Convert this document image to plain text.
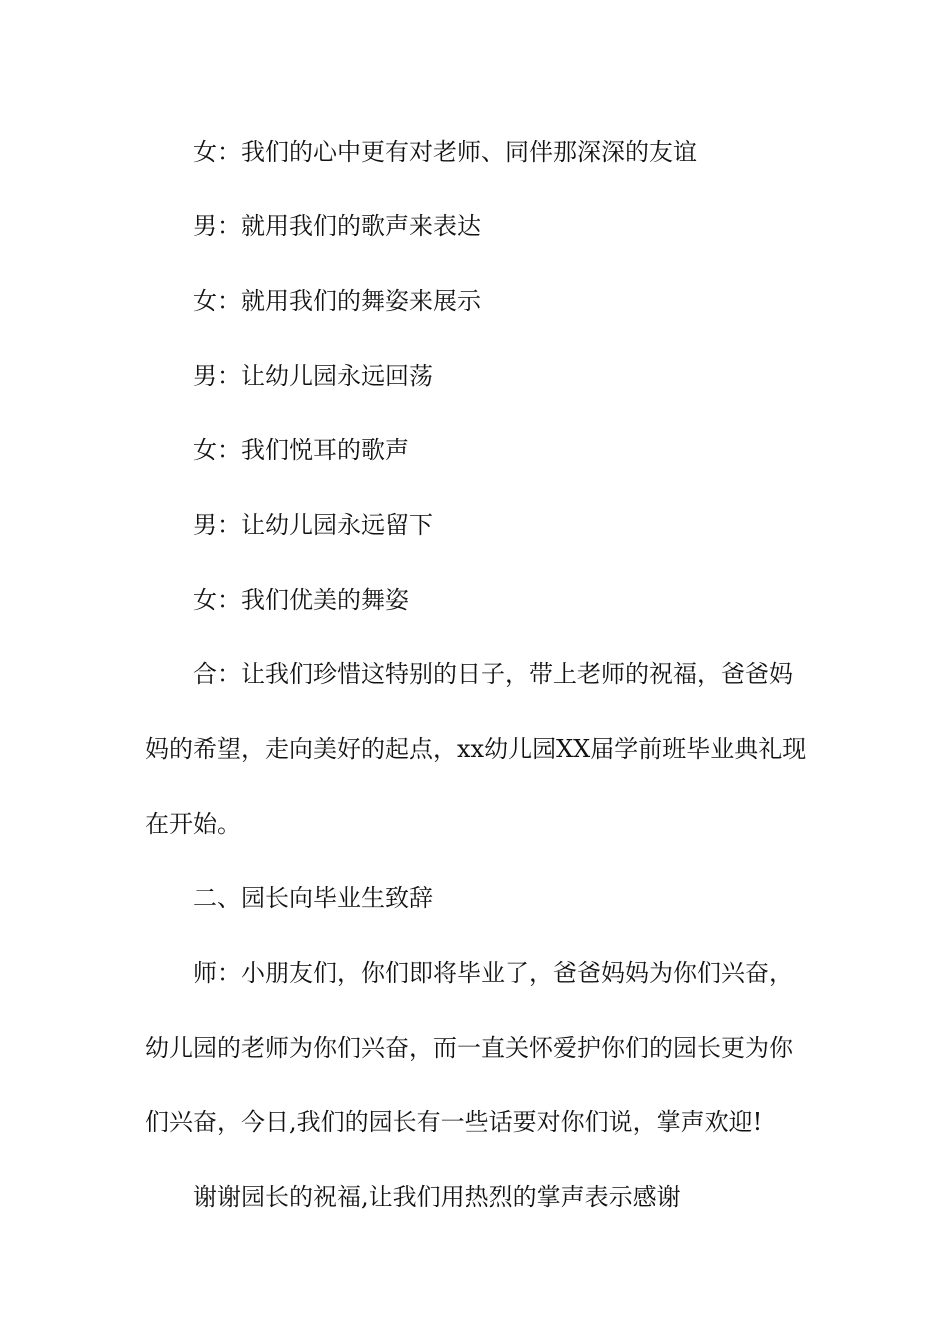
女：我们的心中更有对老师、同伴那深深的友谊
男：就用我们的歌声来表达
女：就用我们的舞姿来展示
男：让幼儿园永远回荡
女：我们悦耳的歌声
男：让幼儿园永远留下
女：我们优美的舞姿
合：让我们珍惜这特别的日子，带上老师的祝福，爸爸妈
妈的希望，走向美好的起点，xx幼儿园XX届学前班毕业典礼现
在开始。
二、园长向毕业生致辞
师：小朋友们，你们即将毕业了，爸爸妈妈为你们兴奋，
幼儿园的老师为你们兴奋，而一直关怀爱护你们的园长更为你
们兴奋，今日,我们的园长有一些话要对你们说，掌声欢迎!
谢谢园长的祝福,让我们用热烈的掌声表示感谢
